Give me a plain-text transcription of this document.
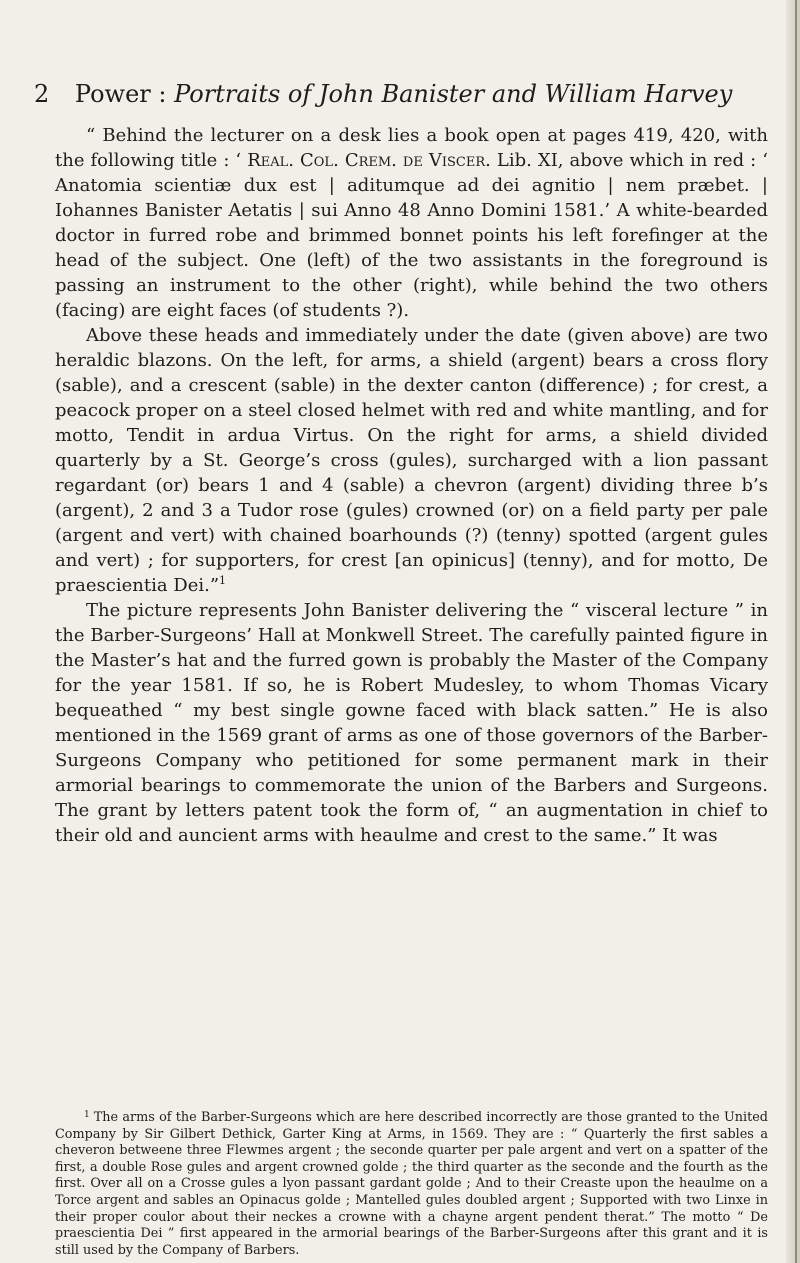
2 Power : Portraits of John Banister and William Harvey

“ Behind the lecturer on a desk lies a book open at pages 419, 420, with the following title : ‘ Real. Col. Crem. de Viscer. Lib. XI, above which in red : ‘ Anatomia scientiæ dux est | aditumque ad dei agnitio | nem præbet. | Iohannes Banister Aetatis | sui Anno 48 Anno Domini 1581.’ A white-bearded doctor in furred robe and brimmed bonnet points his left forefinger at the head of the subject. One (left) of the two assistants in the foreground is passing an instrument to the other (right), while behind the two others (facing) are eight faces (of students ?).

Above these heads and immediately under the date (given above) are two heraldic blazons. On the left, for arms, a shield (argent) bears a cross flory (sable), and a crescent (sable) in the dexter canton (difference) ; for crest, a peacock proper on a steel closed helmet with red and white mantling, and for motto, Tendit in ardua Virtus. On the right for arms, a shield divided quarterly by a St. George’s cross (gules), surcharged with a lion passant regardant (or) bears 1 and 4 (sable) a chevron (argent) dividing three b’s (argent), 2 and 3 a Tudor rose (gules) crowned (or) on a field party per pale (argent and vert) with chained boarhounds (?) (tenny) spotted (argent gules and vert) ; for supporters, for crest [an opinicus] (tenny), and for motto, De praescientia Dei.”$^1$

The picture represents John Banister delivering the “ visceral lecture ” in the Barber-Surgeons’ Hall at Monkwell Street. The carefully painted figure in the Master’s hat and the furred gown is probably the Master of the Company for the year 1581. If so, he is Robert Mudesley, to whom Thomas Vicary bequeathed “ my best single gowne faced with black satten.” He is also mentioned in the 1569 grant of arms as one of those governors of the Barber-Surgeons Company who petitioned for some permanent mark in their armorial bearings to commemorate the union of the Barbers and Surgeons. The grant by letters patent took the form of, “ an augmentation in chief to their old and auncient arms with heaulme and crest to the same.” It was

$^1$ The arms of the Barber-Surgeons which are here described incorrectly are those granted to the United Company by Sir Gilbert Dethick, Garter King at Arms, in 1569. They are : “ Quarterly the first sables a cheveron betweene three Flewmes argent ; the seconde quarter per pale argent and vert on a spatter of the first, a double Rose gules and argent crowned golde ; the third quarter as the seconde and the fourth as the first. Over all on a Crosse gules a lyon passant gardant golde ; And to their Creaste upon the heaulme on a Torce argent and sables an Opinacus golde ; Mantelled gules doubled argent ; Supported with two Linxe in their proper coulor about their neckes a crowne with a chayne argent pendent therat.” The motto “ De praescientia Dei ” first appeared in the armorial bearings of the Barber-Surgeons after this grant and it is still used by the Company of Barbers.
